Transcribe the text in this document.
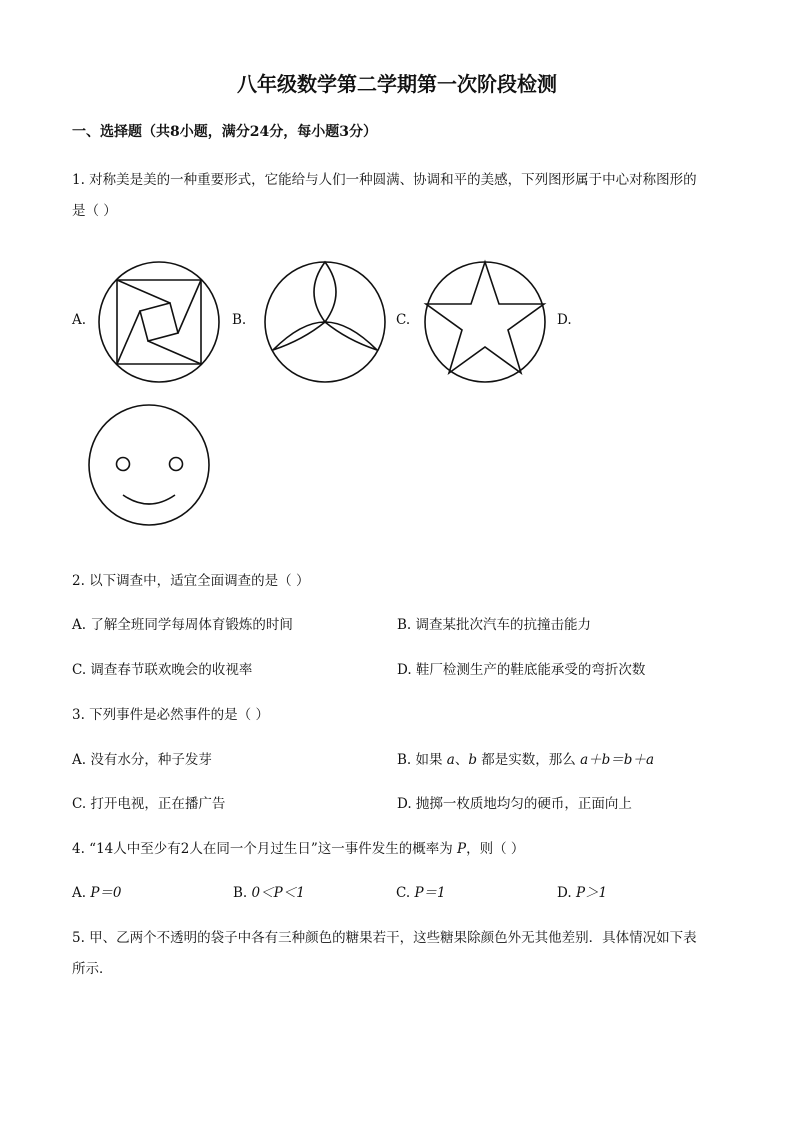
八年级数学第二学期第一次阶段检测
一、选择题（共8小题，满分24分，每小题3分）
1. 对称美是美的一种重要形式，它能给与人们一种圆满、协调和平的美感，下列图形属于中心对称图形的
是（ ）
A.	B.	C.	D.
2. 以下调查中，适宜全面调查的是（ ）
A. 了解全班同学每周体育锻炼的时间	B. 调查某批次汽车的抗撞击能力
C. 调查春节联欢晚会的收视率	D. 鞋厂检测生产的鞋底能承受的弯折次数
3. 下列事件是必然事件的是（ ）
A. 没有水分，种子发芽	B. 如果 a、b 都是实数，那么 a＋b＝b＋a
C. 打开电视，正在播广告	D. 抛掷一枚质地均匀的硬币，正面向上
4. “14人中至少有2人在同一个月过生日”这一事件发生的概率为 P，则（ ）
A. P＝0	B. 0＜P＜1	C. P＝1	D. P＞1
5. 甲、乙两个不透明的袋子中各有三种颜色的糖果若干，这些糖果除颜色外无其他差别．具体情况如下表
所示．
